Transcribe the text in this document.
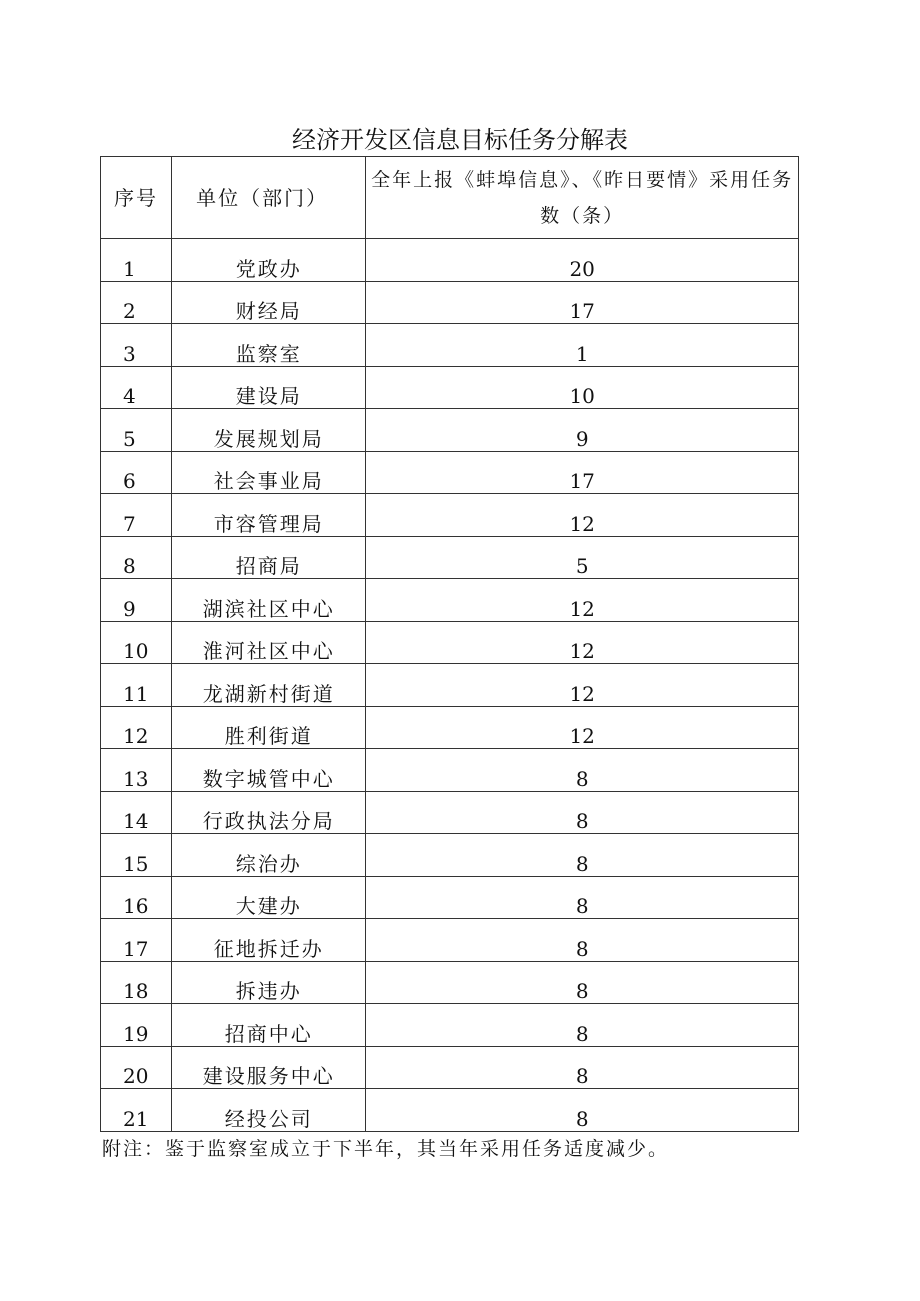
经济开发区信息目标任务分解表
序号	单位（部门）	全年上报《蚌埠信息》、《昨日要情》采用任务数（条）
1	党政办	20
2	财经局	17
3	监察室	1
4	建设局	10
5	发展规划局	9
6	社会事业局	17
7	市容管理局	12
8	招商局	5
9	湖滨社区中心	12
10	淮河社区中心	12
11	龙湖新村街道	12
12	胜利街道	12
13	数字城管中心	8
14	行政执法分局	8
15	综治办	8
16	大建办	8
17	征地拆迁办	8
18	拆违办	8
19	招商中心	8
20	建设服务中心	8
21	经投公司	8
附注：鉴于监察室成立于下半年，其当年采用任务适度减少。
